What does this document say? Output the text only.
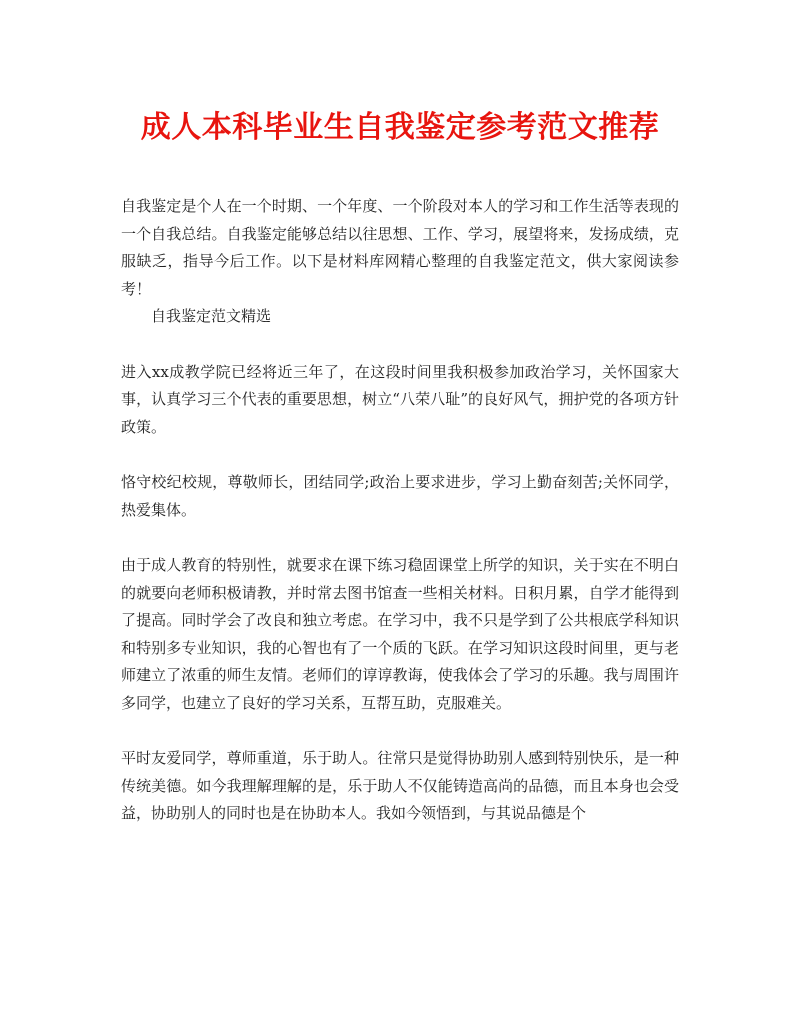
成人本科毕业生自我鉴定参考范文推荐

自我鉴定是个人在一个时期、一个年度、一个阶段对本人的学习和工作生活等表现的一个自我总结。自我鉴定能够总结以往思想、工作、学习，展望将来，发扬成绩，克服缺乏，指导今后工作。以下是材料库网精心整理的自我鉴定范文，供大家阅读参考！

自我鉴定范文精选

进入xx成教学院已经将近三年了，在这段时间里我积极参加政治学习，关怀国家大事，认真学习三个代表的重要思想，树立“八荣八耻”的良好风气，拥护党的各项方针政策。

恪守校纪校规，尊敬师长，团结同学;政治上要求进步，学习上勤奋刻苦;关怀同学，热爱集体。

由于成人教育的特别性，就要求在课下练习稳固课堂上所学的知识，关于实在不明白的就要向老师积极请教，并时常去图书馆查一些相关材料。日积月累，自学才能得到了提高。同时学会了改良和独立考虑。在学习中，我不只是学到了公共根底学科知识和特别多专业知识，我的心智也有了一个质的飞跃。在学习知识这段时间里，更与老师建立了浓重的师生友情。老师们的谆谆教诲，使我体会了学习的乐趣。我与周围许多同学，也建立了良好的学习关系，互帮互助，克服难关。

平时友爱同学，尊师重道，乐于助人。往常只是觉得协助别人感到特别快乐，是一种传统美德。如今我理解理解的是，乐于助人不仅能铸造高尚的品德，而且本身也会受益，协助别人的同时也是在协助本人。我如今领悟到，与其说品德是个
